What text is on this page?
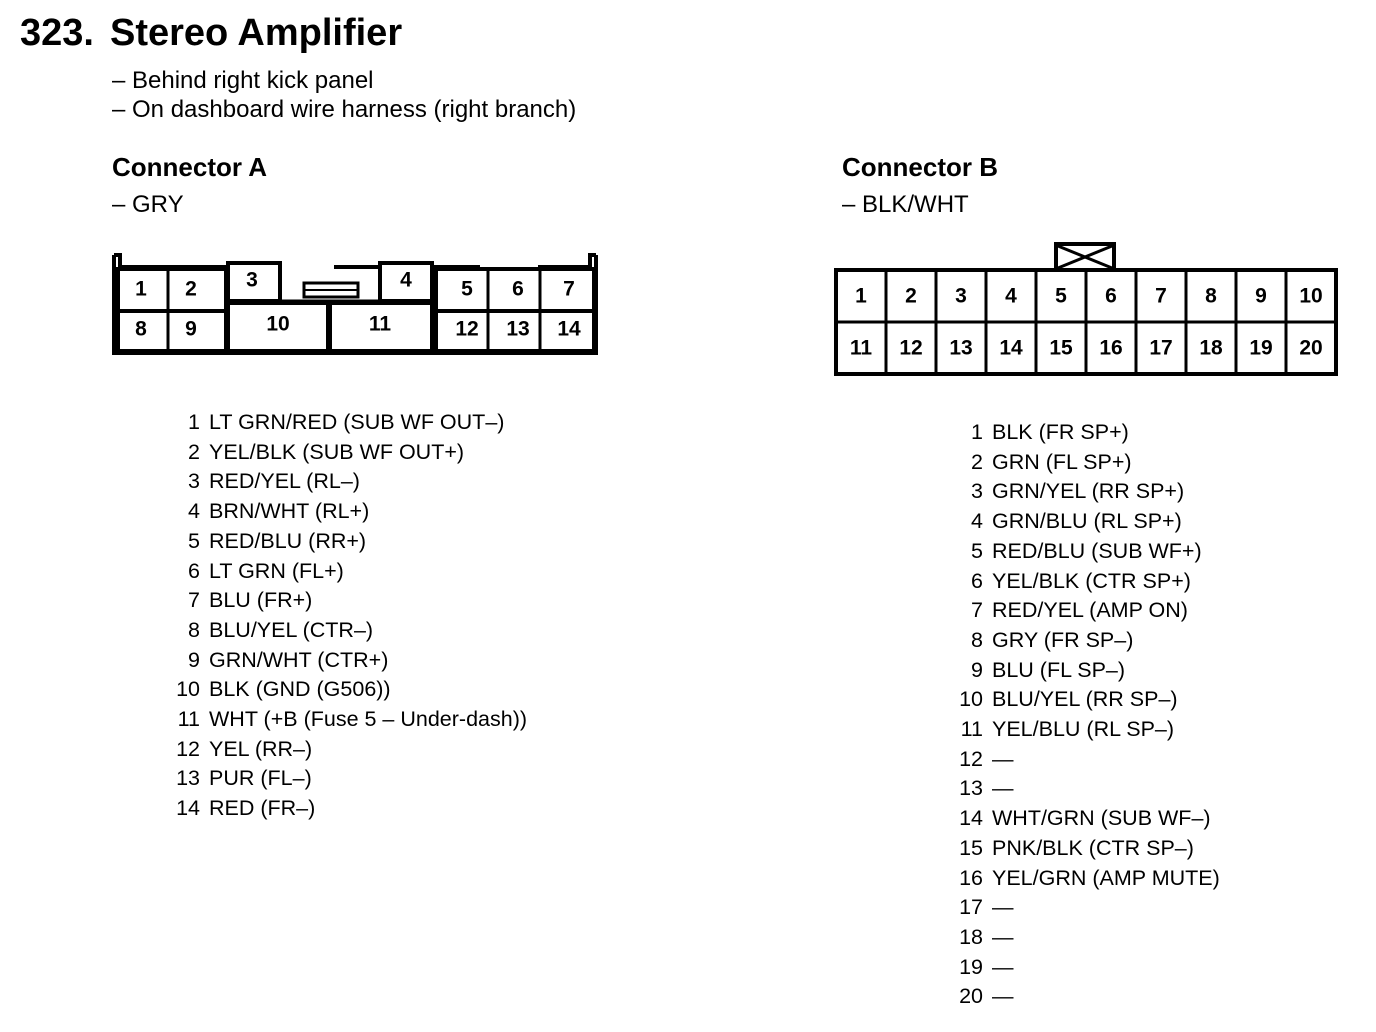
323. Stereo Amplifier
– Behind right kick panel
– On dashboard wire harness (right branch)
Connector A
– GRY
1 2 3	4 5 6 7
8 9	10	11	12 13 14
1 LT GRN/RED (SUB WF OUT–)
2 YEL/BLK (SUB WF OUT+)
3 RED/YEL (RL–)
4 BRN/WHT (RL+)
5 RED/BLU (RR+)
6 LT GRN (FL+)
7 BLU (FR+)
8 BLU/YEL (CTR–)
9 GRN/WHT (CTR+)
10 BLK (GND (G506))
11 WHT (+B (Fuse 5 – Under-dash))
12 YEL (RR–)
13 PUR (FL–)
14 RED (FR–)
Connector B
– BLK/WHT
1 2 3 4 5 6 7 8 9 10
11 12 13 14 15 16 17 18 19 20
1 BLK (FR SP+)
2 GRN (FL SP+)
3 GRN/YEL (RR SP+)
4 GRN/BLU (RL SP+)
5 RED/BLU (SUB WF+)
6 YEL/BLK (CTR SP+)
7 RED/YEL (AMP ON)
8 GRY (FR SP–)
9 BLU (FL SP–)
10 BLU/YEL (RR SP–)
11 YEL/BLU (RL SP–)
12 —
13 —
14 WHT/GRN (SUB WF–)
15 PNK/BLK (CTR SP–)
16 YEL/GRN (AMP MUTE)
17 —
18 —
19 —
20 —
